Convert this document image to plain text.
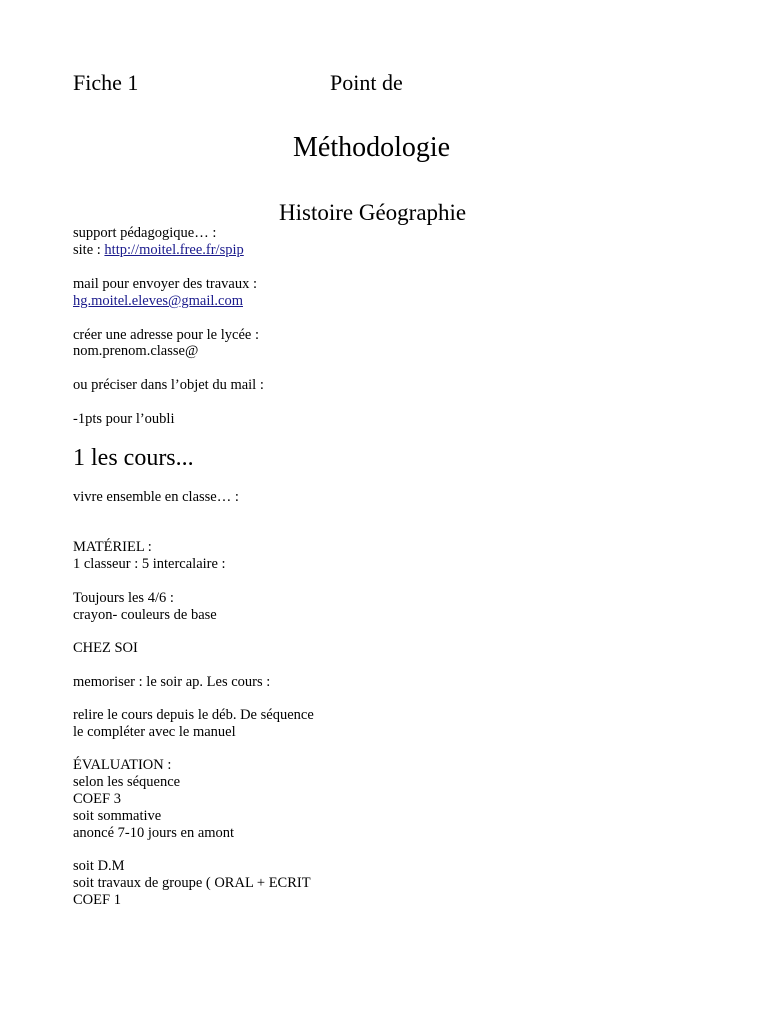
Fiche 1	Point de
Méthodologie
Histoire Géographie
support pédagogique… :
site : http://moitel.free.fr/spip
mail pour envoyer des travaux :
hg.moitel.eleves@gmail.com
créer une adresse pour le lycée :
nom.prenom.classe@
ou préciser dans l’objet du mail :
-1pts pour l’oubli
1 les cours...
vivre ensemble en classe… :
MATÉRIEL :
1 classeur : 5 intercalaire :
Toujours les 4/6 :
crayon- couleurs de base
CHEZ SOI
memoriser : le soir ap. Les cours :
relire le cours depuis le déb. De séquence
le compléter avec le manuel
ÉVALUATION :
selon les séquence
COEF 3
soit sommative
anoncé 7-10 jours en amont
soit D.M
soit travaux de groupe ( ORAL + ECRIT
COEF 1
